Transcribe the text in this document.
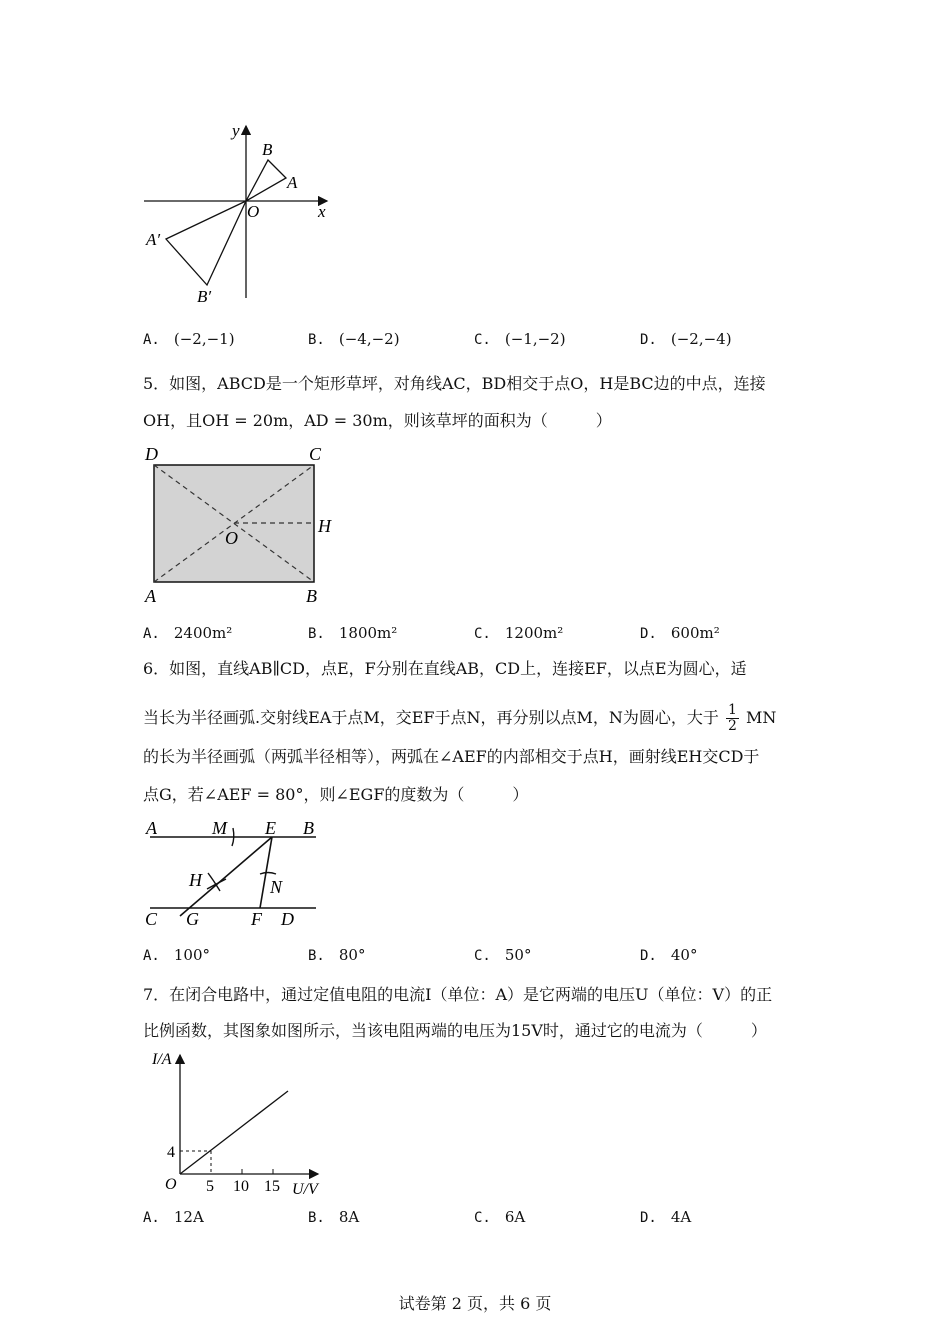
y
x
O
B
A
A′
B′
A. (−2,−1)	B. (−4,−2)	C. (−1,−2)	D. (−2,−4)
5．如图，ABCD是一个矩形草坪，对角线AC，BD相交于点O，H是BC边的中点，连接
OH，且OH = 20m，AD = 30m，则该草坪的面积为（　　　）
D	C
H
O
A	B
A. 2400m²	B. 1800m²	C. 1200m²	D. 600m²
6．如图，直线AB∥CD，点E，F分别在直线AB，CD上，连接EF，以点E为圆心，适
当长为半径画弧.交射线EA于点M，交EF于点N，再分别以点M，N为圆心，大于 $\frac{1}{2}$ MN
的长为半径画弧（两弧半径相等），两弧在∠AEF的内部相交于点H，画射线EH交CD于
点G，若∠AEF = 80°，则∠EGF的度数为（　　　）
A	M E B
H	N
C G	F D
A. 100°	B. 80°	C. 50°	D. 40°
7．在闭合电路中，通过定值电阻的电流I（单位：A）是它两端的电压U（单位：V）的正
比例函数，其图象如图所示，当该电阻两端的电压为15V时，通过它的电流为（　　　）
I/A
U/V
O
4
5 10 15
A. 12A	B. 8A	C. 6A	D. 4A
试卷第 2 页，共 6 页
